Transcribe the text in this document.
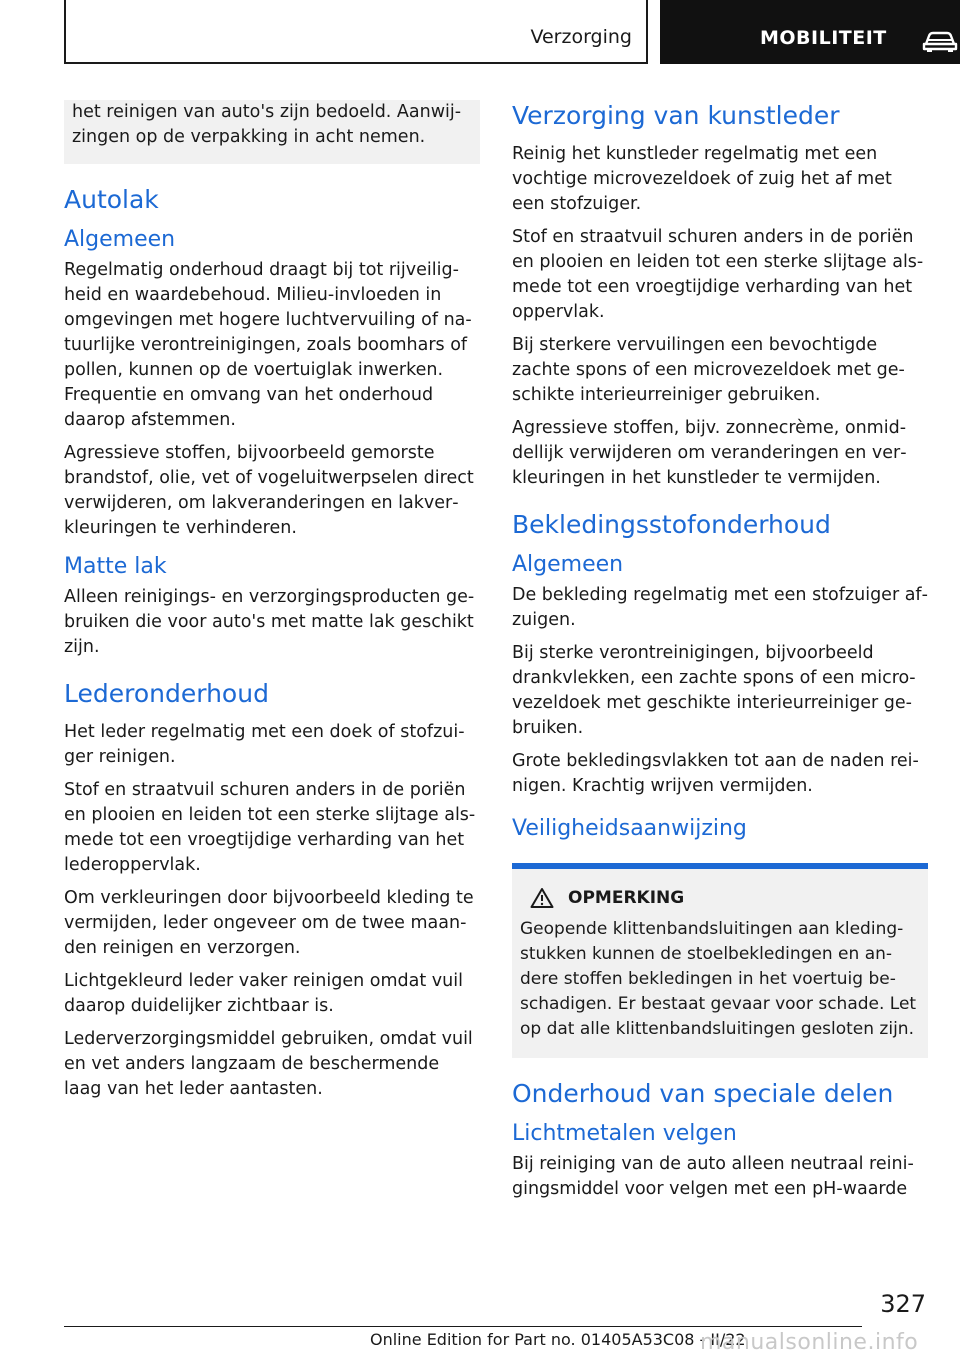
Verzorging	MOBILITEIT

het reinigen van auto's zijn bedoeld. Aanwijzingen op de verpakking in acht nemen.

Autolak
Algemeen

Regelmatig onderhoud draagt bij tot rijveiligheid en waardebehoud. Milieu-invloeden in omgevingen met hogere luchtvervuiling of natuurlijke verontreinigingen, zoals boomhars of pollen, kunnen op de voertuiglak inwerken. Frequentie en omvang van het onderhoud daarop afstemmen.

Agressieve stoffen, bijvoorbeeld gemorste brandstof, olie, vet of vogeluitwerpselen direct verwijderen, om lakveranderingen en lakverkleuringen te verhinderen.

Matte lak

Alleen reinigings- en verzorgingsproducten gebruiken die voor auto's met matte lak geschikt zijn.

Lederonderhoud

Het leder regelmatig met een doek of stofzuiger reinigen.

Stof en straatvuil schuren anders in de poriën en plooien en leiden tot een sterke slijtage alsmede tot een vroegtijdige verharding van het lederoppervlak.

Om verkleuringen door bijvoorbeeld kleding te vermijden, leder ongeveer om de twee maanden reinigen en verzorgen.

Lichtgekleurd leder vaker reinigen omdat vuil daarop duidelijker zichtbaar is.

Lederverzorgingsmiddel gebruiken, omdat vuil en vet anders langzaam de beschermende laag van het leder aantasten.

Verzorging van kunstleder

Reinig het kunstleder regelmatig met een vochtige microvezeldoek of zuig het af met een stofzuiger.

Stof en straatvuil schuren anders in de poriën en plooien en leiden tot een sterke slijtage alsmede tot een vroegtijdige verharding van het oppervlak.

Bij sterkere vervuilingen een bevochtigde zachte spons of een microvezeldoek met geschikte interieurreiniger gebruiken.

Agressieve stoffen, bijv. zonnecrème, onmiddellijk verwijderen om veranderingen en verkleuringen in het kunstleder te vermijden.

Bekledingsstofonderhoud
Algemeen

De bekleding regelmatig met een stofzuiger afzuigen.

Bij sterke verontreinigingen, bijvoorbeeld drankvlekken, een zachte spons of een microvezeldoek met geschikte interieurreiniger gebruiken.

Grote bekledingsvlakken tot aan de naden reinigen. Krachtig wrijven vermijden.

Veiligheidsaanwijzing
OPMERKING

Geopende klittenbandsluitingen aan kledingstukken kunnen de stoelbekledingen en andere stoffen bekledingen in het voertuig beschadigen. Er bestaat gevaar voor schade. Let op dat alle klittenbandsluitingen gesloten zijn.

Onderhoud van speciale delen
Lichtmetalen velgen

Bij reiniging van de auto alleen neutraal reinigingsmiddel voor velgen met een pH-waarde

327
Online Edition for Part no. 01405A53C08 - II/22
manualsonline.info
